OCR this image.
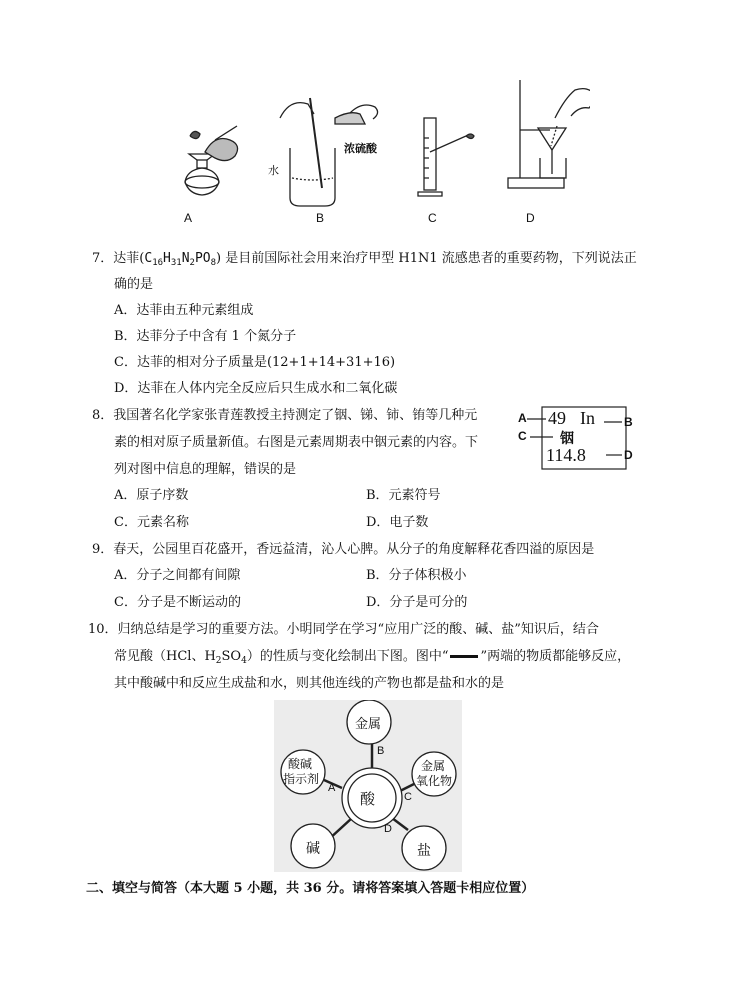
水
浓硫酸
A	B	C	D
7．达菲$(C_{16}H_{31}N_2PO_8)$ 是目前国际社会用来治疗甲型 H1N1 流感患者的重要药物，下列说法正
确的是
A．达菲由五种元素组成
B．达菲分子中含有 1 个氮分子
C．达菲的相对分子质量是(12+1+14+31+16)
D．达菲在人体内完全反应后只生成水和二氧化碳
8．我国著名化学家张青莲教授主持测定了铟、锑、铈、铕等几种元
素的相对原子质量新值。右图是元素周期表中铟元素的内容。下
列对图中信息的理解，错误的是
A．原子序数	B．元素符号
C．元素名称	D．电子数
A	B
C
D
49 In
铟
114.8
9．春天，公园里百花盛开，香远益清，沁人心脾。从分子的角度解释花香四溢的原因是
A．分子之间都有间隙	B．分子体积极小
C．分子是不断运动的	D．分子是可分的
10．归纳总结是学习的重要方法。小明同学在学习“应用广泛的酸、碱、盐”知识后，结合
常见酸（HCl、$H_2SO_4$）的性质与变化绘制出下图。图中“ ”两端的物质都能够反应，
其中酸碱中和反应生成盐和水，则其他连线的产物也都是盐和水的是
酸
金属
酸碱
指示剂
金属
氧化物
碱	盐
A
B
C
D
二、填空与简答（本大题 5 小题，共 36 分。请将答案填入答题卡相应位置）
